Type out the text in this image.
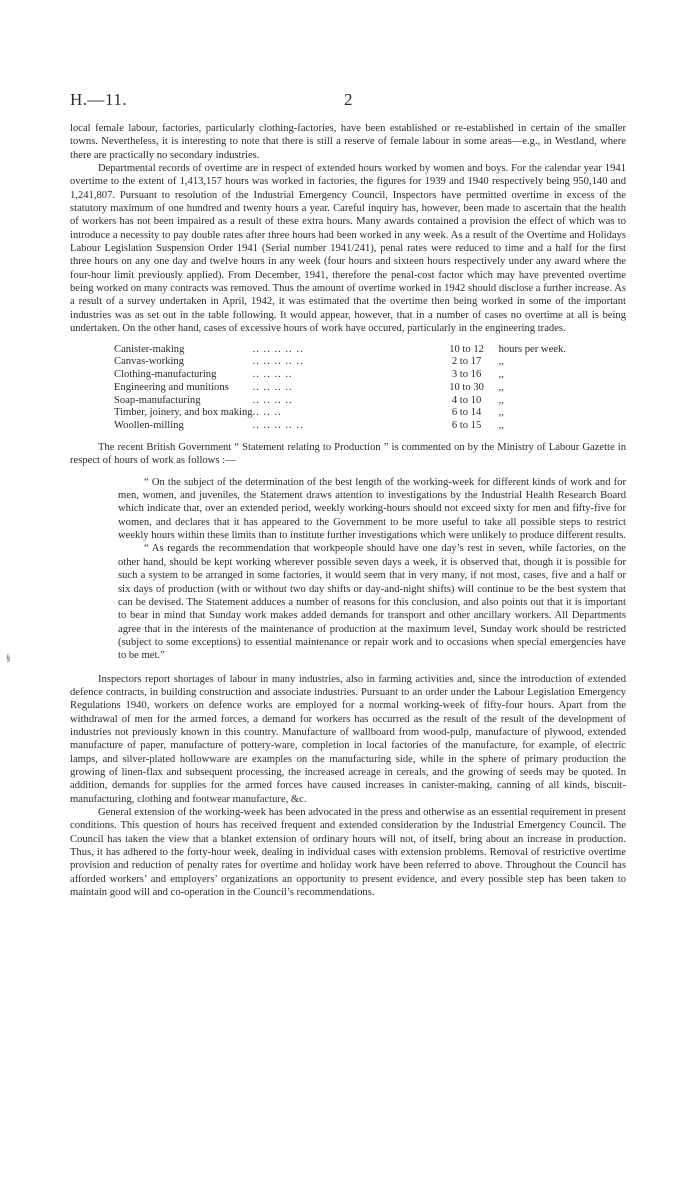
H.—11.	2
§

local female labour, factories, particularly clothing-factories, have been established or re-established in certain of the smaller towns. Nevertheless, it is interesting to note that there is still a reserve of female labour in some areas—e.g., in Westland, where there are practically no secondary industries.

Departmental records of overtime are in respect of extended hours worked by women and boys. For the calendar year 1941 overtime to the extent of 1,413,157 hours was worked in factories, the figures for 1939 and 1940 respectively being 950,140 and 1,241,807. Pursuant to resolution of the Industrial Emergency Council, Inspectors have permitted overtime in excess of the statutory maximum of one hundred and twenty hours a year. Careful inquiry has, however, been made to ascertain that the health of workers has not been impaired as a result of these extra hours. Many awards contained a provision the effect of which was to introduce a necessity to pay double rates after three hours had been worked in any week. As a result of the Overtime and Holidays Labour Legislation Suspension Order 1941 (Serial number 1941/241), penal rates were reduced to time and a half for the first three hours on any one day and twelve hours in any week (four hours and sixteen hours respectively under any award where the four-hour limit previously applied). From December, 1941, therefore the penal-cost factor which may have prevented overtime being worked on many contracts was removed. Thus the amount of overtime worked in 1942 should disclose a further increase. As a result of a survey undertaken in April, 1942, it was estimated that the overtime then being worked in some of the important industries was as set out in the table following. It would appear, however, that in a number of cases no overtime at all is being undertaken. On the other hand, cases of excessive hours of work have occured, particularly in the engineering trades.

Canister-making	.. .. .. .. ..	10 to 12	hours per week.
Canvas-working	.. .. .. .. ..	2 to 17	,,
Clothing-manufacturing	.. .. .. ..	3 to 16	,,
Engineering and munitions	.. .. .. ..	10 to 30	,,
Soap-manufacturing	.. .. .. ..	4 to 10	,,
Timber, joinery, and box making	.. .. ..	6 to 14	,,
Woollen-milling	.. .. .. .. ..	6 to 15	,,

The recent British Government “ Statement relating to Production ” is commented on by the Ministry of Labour Gazette in respect of hours of work as follows :—

“ On the subject of the determination of the best length of the working-week for different kinds of work and for men, women, and juveniles, the Statement draws attention to investigations by the Industrial Health Research Board which indicate that, over an extended period, weekly working-hours should not exceed sixty for men and fifty-five for women, and declares that it has appeared to the Government to be more useful to take all possible steps to restrict weekly hours within these limits than to institute further investigations which were unlikely to produce different results.

“ As regards the recommendation that workpeople should have one day’s rest in seven, while factories, on the other hand, should be kept working wherever possible seven days a week, it is observed that, though it is possible for such a system to be arranged in some factories, it would seem that in very many, if not most, cases, five and a half or six days of production (with or without two day shifts or day-and-night shifts) will continue to be the best system that can be devised. The Statement adduces a number of reasons for this conclusion, and also points out that it is important to bear in mind that Sunday work makes added demands for transport and other ancillary workers. All Departments agree that in the interests of the maintenance of production at the maximum level, Sunday work should be restricted (subject to some exceptions) to essential maintenance or repair work and to occasions when special emergencies have to be met.”

Inspectors report shortages of labour in many industries, also in farming activities and, since the introduction of extended defence contracts, in building construction and associate industries. Pursuant to an order under the Labour Legislation Emergency Regulations 1940, workers on defence works are employed for a normal working-week of fifty-four hours. Apart from the withdrawal of men for the armed forces, a demand for workers has occurred as the result of the result of the development of industries not previously known in this country. Manufacture of wallboard from wood-pulp, manufacture of plywood, extended manufacture of paper, manufacture of pottery-ware, completion in local factories of the manufacture, for example, of electric lamps, and silver-plated hollowware are examples on the manufacturing side, while in the sphere of primary production the growing of linen-flax and subsequent processing, the increased acreage in cereals, and the growing of seeds may be quoted. In addition, demands for supplies for the armed forces have caused increases in canister-making, canning of all kinds, biscuit-manufacturing, clothing and footwear manufacture, &c.

General extension of the working-week has been advocated in the press and otherwise as an essential requirement in present conditions. This question of hours has received frequent and extended consideration by the Industrial Emergency Council. The Council has taken the view that a blanket extension of ordinary hours will not, of itself, bring about an increase in production. Thus, it has adhered to the forty-hour week, dealing in individual cases with extension problems. Removal of restrictive overtime provision and reduction of penalty rates for overtime and holiday work have been referred to above. Throughout the Council has afforded workers’ and employers’ organizations an opportunity to present evidence, and every possible step has been taken to maintain good will and co-operation in the Council’s recommendations.
